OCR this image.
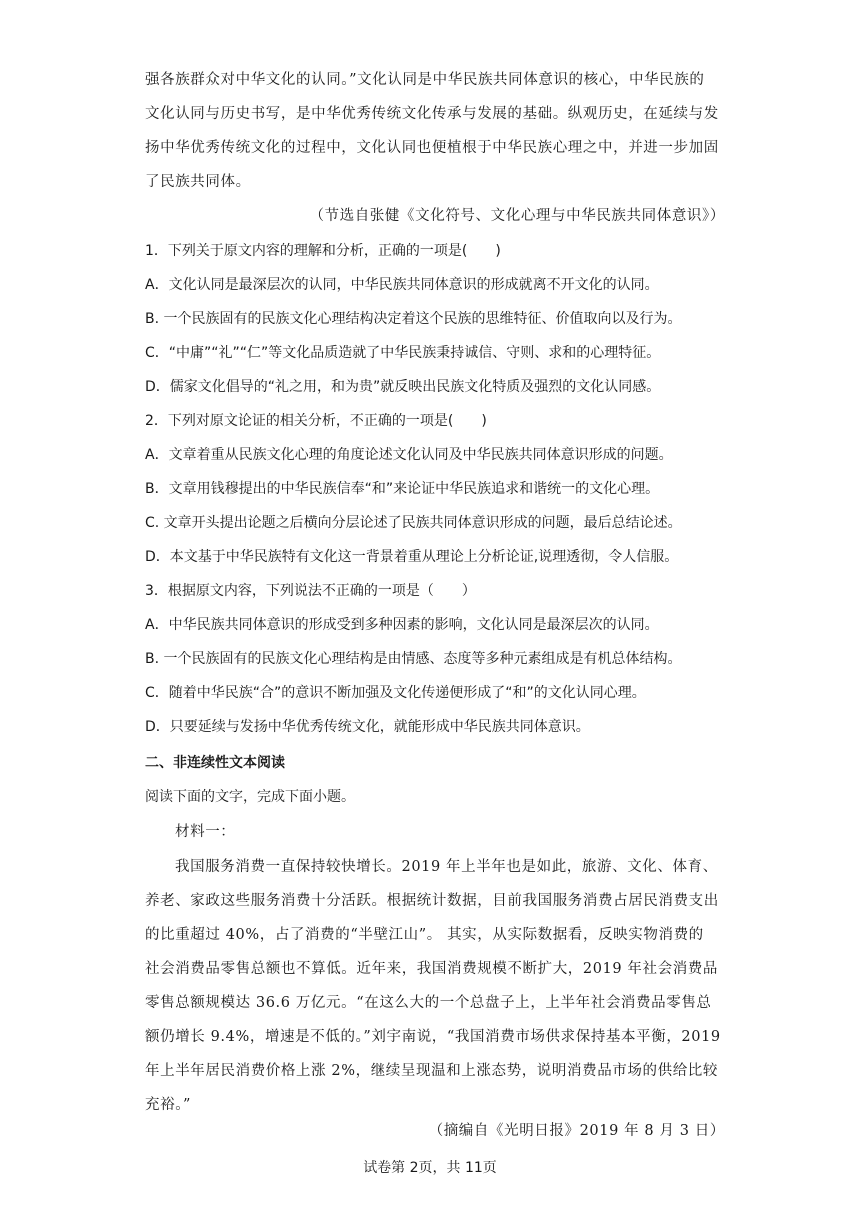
强各族群众对中华文化的认同。”文化认同是中华民族共同体意识的核心，中华民族的
文化认同与历史书写，是中华优秀传统文化传承与发展的基础。纵观历史，在延续与发
扬中华优秀传统文化的过程中，文化认同也便植根于中华民族心理之中，并进一步加固
了民族共同体。
（节选自张健《文化符号、文化心理与中华民族共同体意识》）
1．下列关于原文内容的理解和分析，正确的一项是(　　)
A．文化认同是最深层次的认同，中华民族共同体意识的形成就离不开文化的认同。
B. 一个民族固有的民族文化心理结构决定着这个民族的思维特征、价值取向以及行为。
C．“中庸”“礼”“仁”等文化品质造就了中华民族秉持诚信、守则、求和的心理特征。
D．儒家文化倡导的“礼之用，和为贵”就反映出民族文化特质及强烈的文化认同感。
2．下列对原文论证的相关分析，不正确的一项是(　　)
A．文章着重从民族文化心理的角度论述文化认同及中华民族共同体意识形成的问题。
B．文章用钱穆提出的中华民族信奉“和”来论证中华民族追求和谐统一的文化心理。
C. 文章开头提出论题之后横向分层论述了民族共同体意识形成的问题，最后总结论述。
D．本文基于中华民族特有文化这一背景着重从理论上分析论证,说理透彻，令人信服。
3．根据原文内容，下列说法不正确的一项是（　　）
A．中华民族共同体意识的形成受到多种因素的影响，文化认同是最深层次的认同。
B. 一个民族固有的民族文化心理结构是由情感、态度等多种元素组成是有机总体结构。
C．随着中华民族“合”的意识不断加强及文化传递便形成了“和”的文化认同心理。
D．只要延续与发扬中华优秀传统文化，就能形成中华民族共同体意识。
二、非连续性文本阅读
阅读下面的文字，完成下面小题。
材料一：
我国服务消费一直保持较快增长。2019 年上半年也是如此，旅游、文化、体育、
养老、家政这些服务消费十分活跃。根据统计数据，目前我国服务消费占居民消费支出
的比重超过 40%，占了消费的“半壁江山”。 其实，从实际数据看，反映实物消费的
社会消费品零售总额也不算低。近年来，我国消费规模不断扩大，2019 年社会消费品
零售总额规模达 36.6 万亿元。“在这么大的一个总盘子上，上半年社会消费品零售总
额仍增长 9.4%，增速是不低的。”刘宇南说，“我国消费市场供求保持基本平衡，2019
年上半年居民消费价格上涨 2%，继续呈现温和上涨态势，说明消费品市场的供给比较
充裕。”
（摘编自《光明日报》2019 年 8 月 3 日）
试卷第 2页，共 11页
